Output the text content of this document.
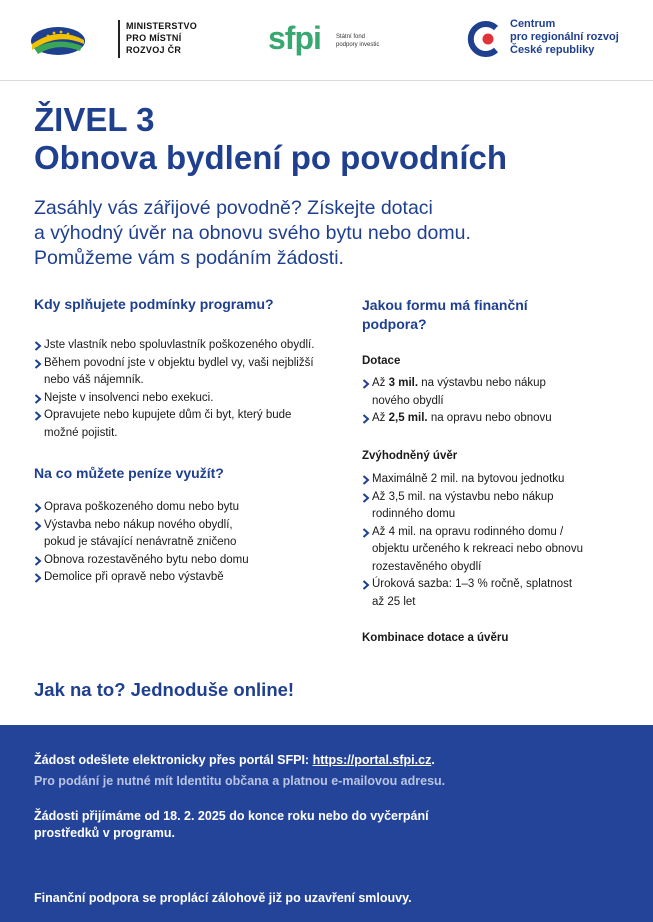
MINISTERSTVO
PRO MÍSTNÍ
ROZVOJ ČR	sfpi	Státní fond
podpory investic
Centrum
pro regionální rozvoj
České republiky
ŽIVEL 3
Obnova bydlení po povodních
Zasáhly vás zářijové povodně? Získejte dotaci
a výhodný úvěr na obnovu svého bytu nebo domu.
Pomůžeme vám s podáním žádosti.
Kdy splňujete podmínky programu?
Jste vlastník nebo spoluvlastník poškozeného obydlí.
Během povodní jste v objektu bydlel vy, vaši nejbližší
nebo váš nájemník.
Nejste v insolvenci nebo exekuci.
Opravujete nebo kupujete dům či byt, který bude
možné pojistit.
Na co můžete peníze využít?
Oprava poškozeného domu nebo bytu
Výstavba nebo nákup nového obydlí,
pokud je stávající nenávratně zničeno
Obnova rozestavěného bytu nebo domu
Demolice při opravě nebo výstavbě
Jakou formu má finanční
podpora?
Dotace
Až 3 mil. na výstavbu nebo nákup
nového obydlí
Až 2,5 mil. na opravu nebo obnovu
Zvýhodněný úvěr
Maximálně 2 mil. na bytovou jednotku
Až 3,5 mil. na výstavbu nebo nákup
rodinného domu
Až 4 mil. na opravu rodinného domu /
objektu určeného k rekreaci nebo obnovu
rozestavěného obydlí
Úroková sazba: 1–3 % ročně, splatnost
až 25 let
Kombinace dotace a úvěru
Jak na to? Jednoduše online!

Žádost odešlete elektronicky přes portál SFPI: https://portal.sfpi.cz.

Pro podání je nutné mít Identitu občana a platnou e-mailovou adresu.

Žádosti přijímáme od 18. 2. 2025 do konce roku nebo do vyčerpání

prostředků v programu.

Finanční podpora se proplácí zálohově již po uzavření smlouvy.
